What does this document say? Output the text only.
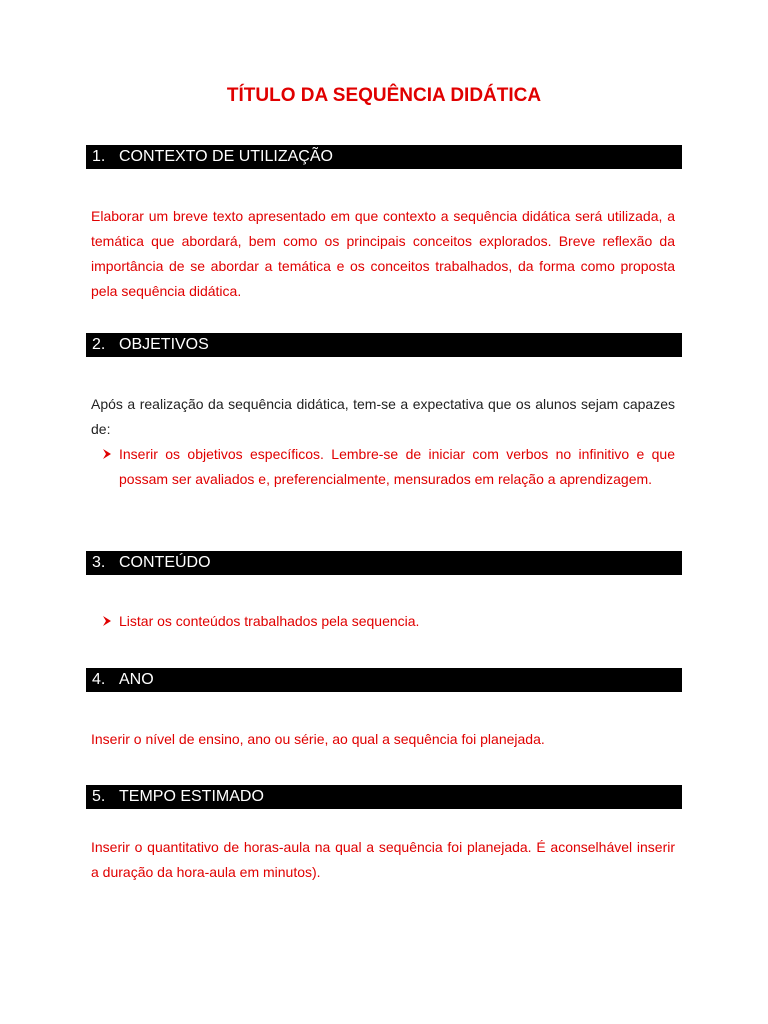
TÍTULO DA SEQUÊNCIA DIDÁTICA
1. CONTEXTO DE UTILIZAÇÃO

Elaborar um breve texto apresentado em que contexto a sequência didática será utilizada, a temática que abordará, bem como os principais conceitos explorados. Breve reflexão da importância de se abordar a temática e os conceitos trabalhados, da forma como proposta pela sequência didática.

2. OBJETIVOS

Após a realização da sequência didática, tem-se a expectativa que os alunos sejam capazes de:

Inserir os objetivos específicos. Lembre-se de iniciar com verbos no infinitivo e que possam ser avaliados e, preferencialmente, mensurados em relação a aprendizagem.
3. CONTEÚDO
Listar os conteúdos trabalhados pela sequencia.
4. ANO

Inserir o nível de ensino, ano ou série, ao qual a sequência foi planejada.

5. TEMPO ESTIMADO

Inserir o quantitativo de horas-aula na qual a sequência foi planejada. É aconselhável inserir a duração da hora-aula em minutos).
